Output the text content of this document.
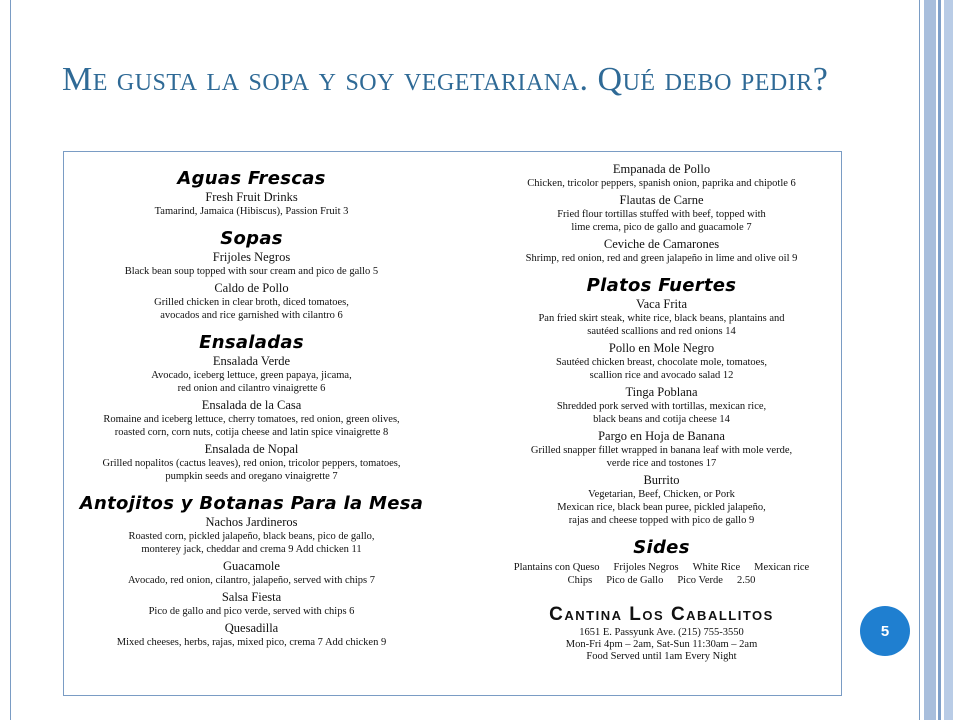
Me gusta la sopa y soy vegetariana. Qué debo pedir?
Aguas Frescas
Fresh Fruit Drinks
Tamarind, Jamaica (Hibiscus), Passion Fruit 3
Sopas
Frijoles Negros
Black bean soup topped with sour cream and pico de gallo 5
Caldo de Pollo
Grilled chicken in clear broth, diced tomatoes,
avocados and rice garnished with cilantro 6
Ensaladas
Ensalada Verde
Avocado, iceberg lettuce, green papaya, jicama,
red onion and cilantro vinaigrette 6
Ensalada de la Casa
Romaine and iceberg lettuce, cherry tomatoes, red onion, green olives,
roasted corn, corn nuts, cotija cheese and latin spice vinaigrette 8
Ensalada de Nopal
Grilled nopalitos (cactus leaves), red onion, tricolor peppers, tomatoes,
pumpkin seeds and oregano vinaigrette 7
Antojitos y Botanas Para la Mesa
Nachos Jardineros
Roasted corn, pickled jalapeño, black beans, pico de gallo,
monterey jack, cheddar and crema 9 Add chicken 11
Guacamole
Avocado, red onion, cilantro, jalapeño, served with chips 7
Salsa Fiesta
Pico de gallo and pico verde, served with chips 6
Quesadilla
Mixed cheeses, herbs, rajas, mixed pico, crema 7 Add chicken 9
Empanada de Pollo
Chicken, tricolor peppers, spanish onion, paprika and chipotle 6
Flautas de Carne
Fried flour tortillas stuffed with beef, topped with
lime crema, pico de gallo and guacamole 7
Ceviche de Camarones
Shrimp, red onion, red and green jalapeño in lime and olive oil 9
Platos Fuertes
Vaca Frita
Pan fried skirt steak, white rice, black beans, plantains and
sautéed scallions and red onions 14
Pollo en Mole Negro
Sautéed chicken breast, chocolate mole, tomatoes,
scallion rice and avocado salad 12
Tinga Poblana
Shredded pork served with tortillas, mexican rice,
black beans and cotija cheese 14
Pargo en Hoja de Banana
Grilled snapper fillet wrapped in banana leaf with mole verde,
verde rice and tostones 17
Burrito
Vegetarian, Beef, Chicken, or Pork
Mexican rice, black bean puree, pickled jalapeño,
rajas and cheese topped with pico de gallo 9
Sides
Plantains con Queso Frijoles Negros White Rice Mexican rice
Chips Pico de Gallo Pico Verde 2.50
Cantina Los Caballitos
1651 E. Passyunk Ave. (215) 755-3550
Mon-Fri 4pm – 2am, Sat-Sun 11:30am – 2am
Food Served until 1am Every Night
5
